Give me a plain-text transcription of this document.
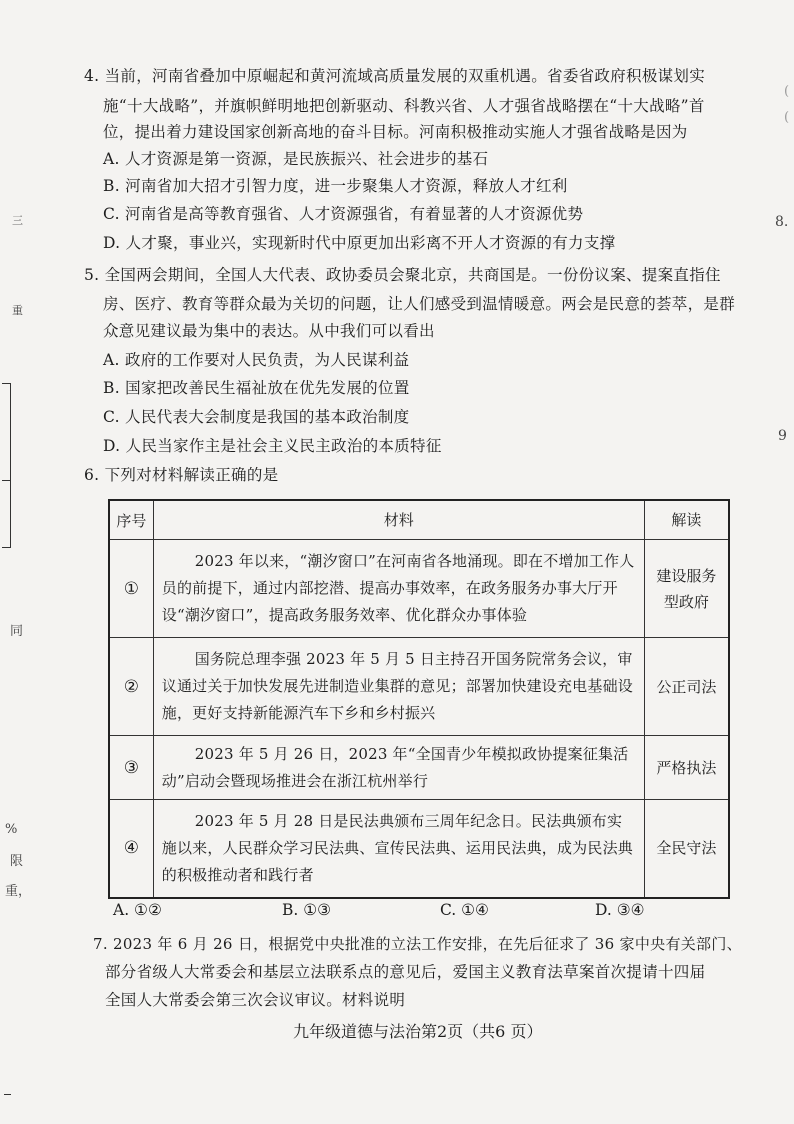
4. 当前，河南省叠加中原崛起和黄河流域高质量发展的双重机遇。省委省政府积极谋划实
施“十大战略”，并旗帜鲜明地把创新驱动、科教兴省、人才强省战略摆在“十大战略”首
位，提出着力建设国家创新高地的奋斗目标。河南积极推动实施人才强省战略是因为
A. 人才资源是第一资源，是民族振兴、社会进步的基石
B. 河南省加大招才引智力度，进一步聚集人才资源，释放人才红利
C. 河南省是高等教育强省、人才资源强省，有着显著的人才资源优势
D. 人才聚，事业兴，实现新时代中原更加出彩离不开人才资源的有力支撑
5. 全国两会期间，全国人大代表、政协委员会聚北京，共商国是。一份份议案、提案直指住
房、医疗、教育等群众最为关切的问题，让人们感受到温情暖意。两会是民意的荟萃，是群
众意见建议最为集中的表达。从中我们可以看出
A. 政府的工作要对人民负责，为人民谋利益
B. 国家把改善民生福祉放在优先发展的位置
C. 人民代表大会制度是我国的基本政治制度
D. 人民当家作主是社会主义民主政治的本质特征
6. 下列对材料解读正确的是
序号	材料	解读
①	2023 年以来，“潮汐窗口”在河南省各地涌现。即在不增加工作人员的前提下，通过内部挖潜、提高办事效率，在政务服务办事大厅开设“潮汐窗口”，提高政务服务效率、优化群众办事体验	建设服务型政府

②	国务院总理李强 2023 年 5 月 5 日主持召开国务院常务会议，审议通过关于加快发展先进制造业集群的意见；部署加快建设充电基础设施，更好支持新能源汽车下乡和乡村振兴	公正司法
③	2023 年 5 月 26 日，2023 年“全国青少年模拟政协提案征集活动”启动会暨现场推进会在浙江杭州举行	严格执法
④	2023 年 5 月 28 日是民法典颁布三周年纪念日。民法典颁布实施以来，人民群众学习民法典、宣传民法典、运用民法典，成为民法典的积极推动者和践行者	全民守法
A. ①②	B. ①③	C. ①④	D. ③④
7. 2023 年 6 月 26 日，根据党中央批准的立法工作安排，在先后征求了 36 家中央有关部门、
部分省级人大常委会和基层立法联系点的意见后，爱国主义教育法草案首次提请十四届
全国人大常委会第三次会议审议。材料说明
九年级道德与法治第2页（共6 页）
三
重
同
%
限
重，
8.
9
(
(
